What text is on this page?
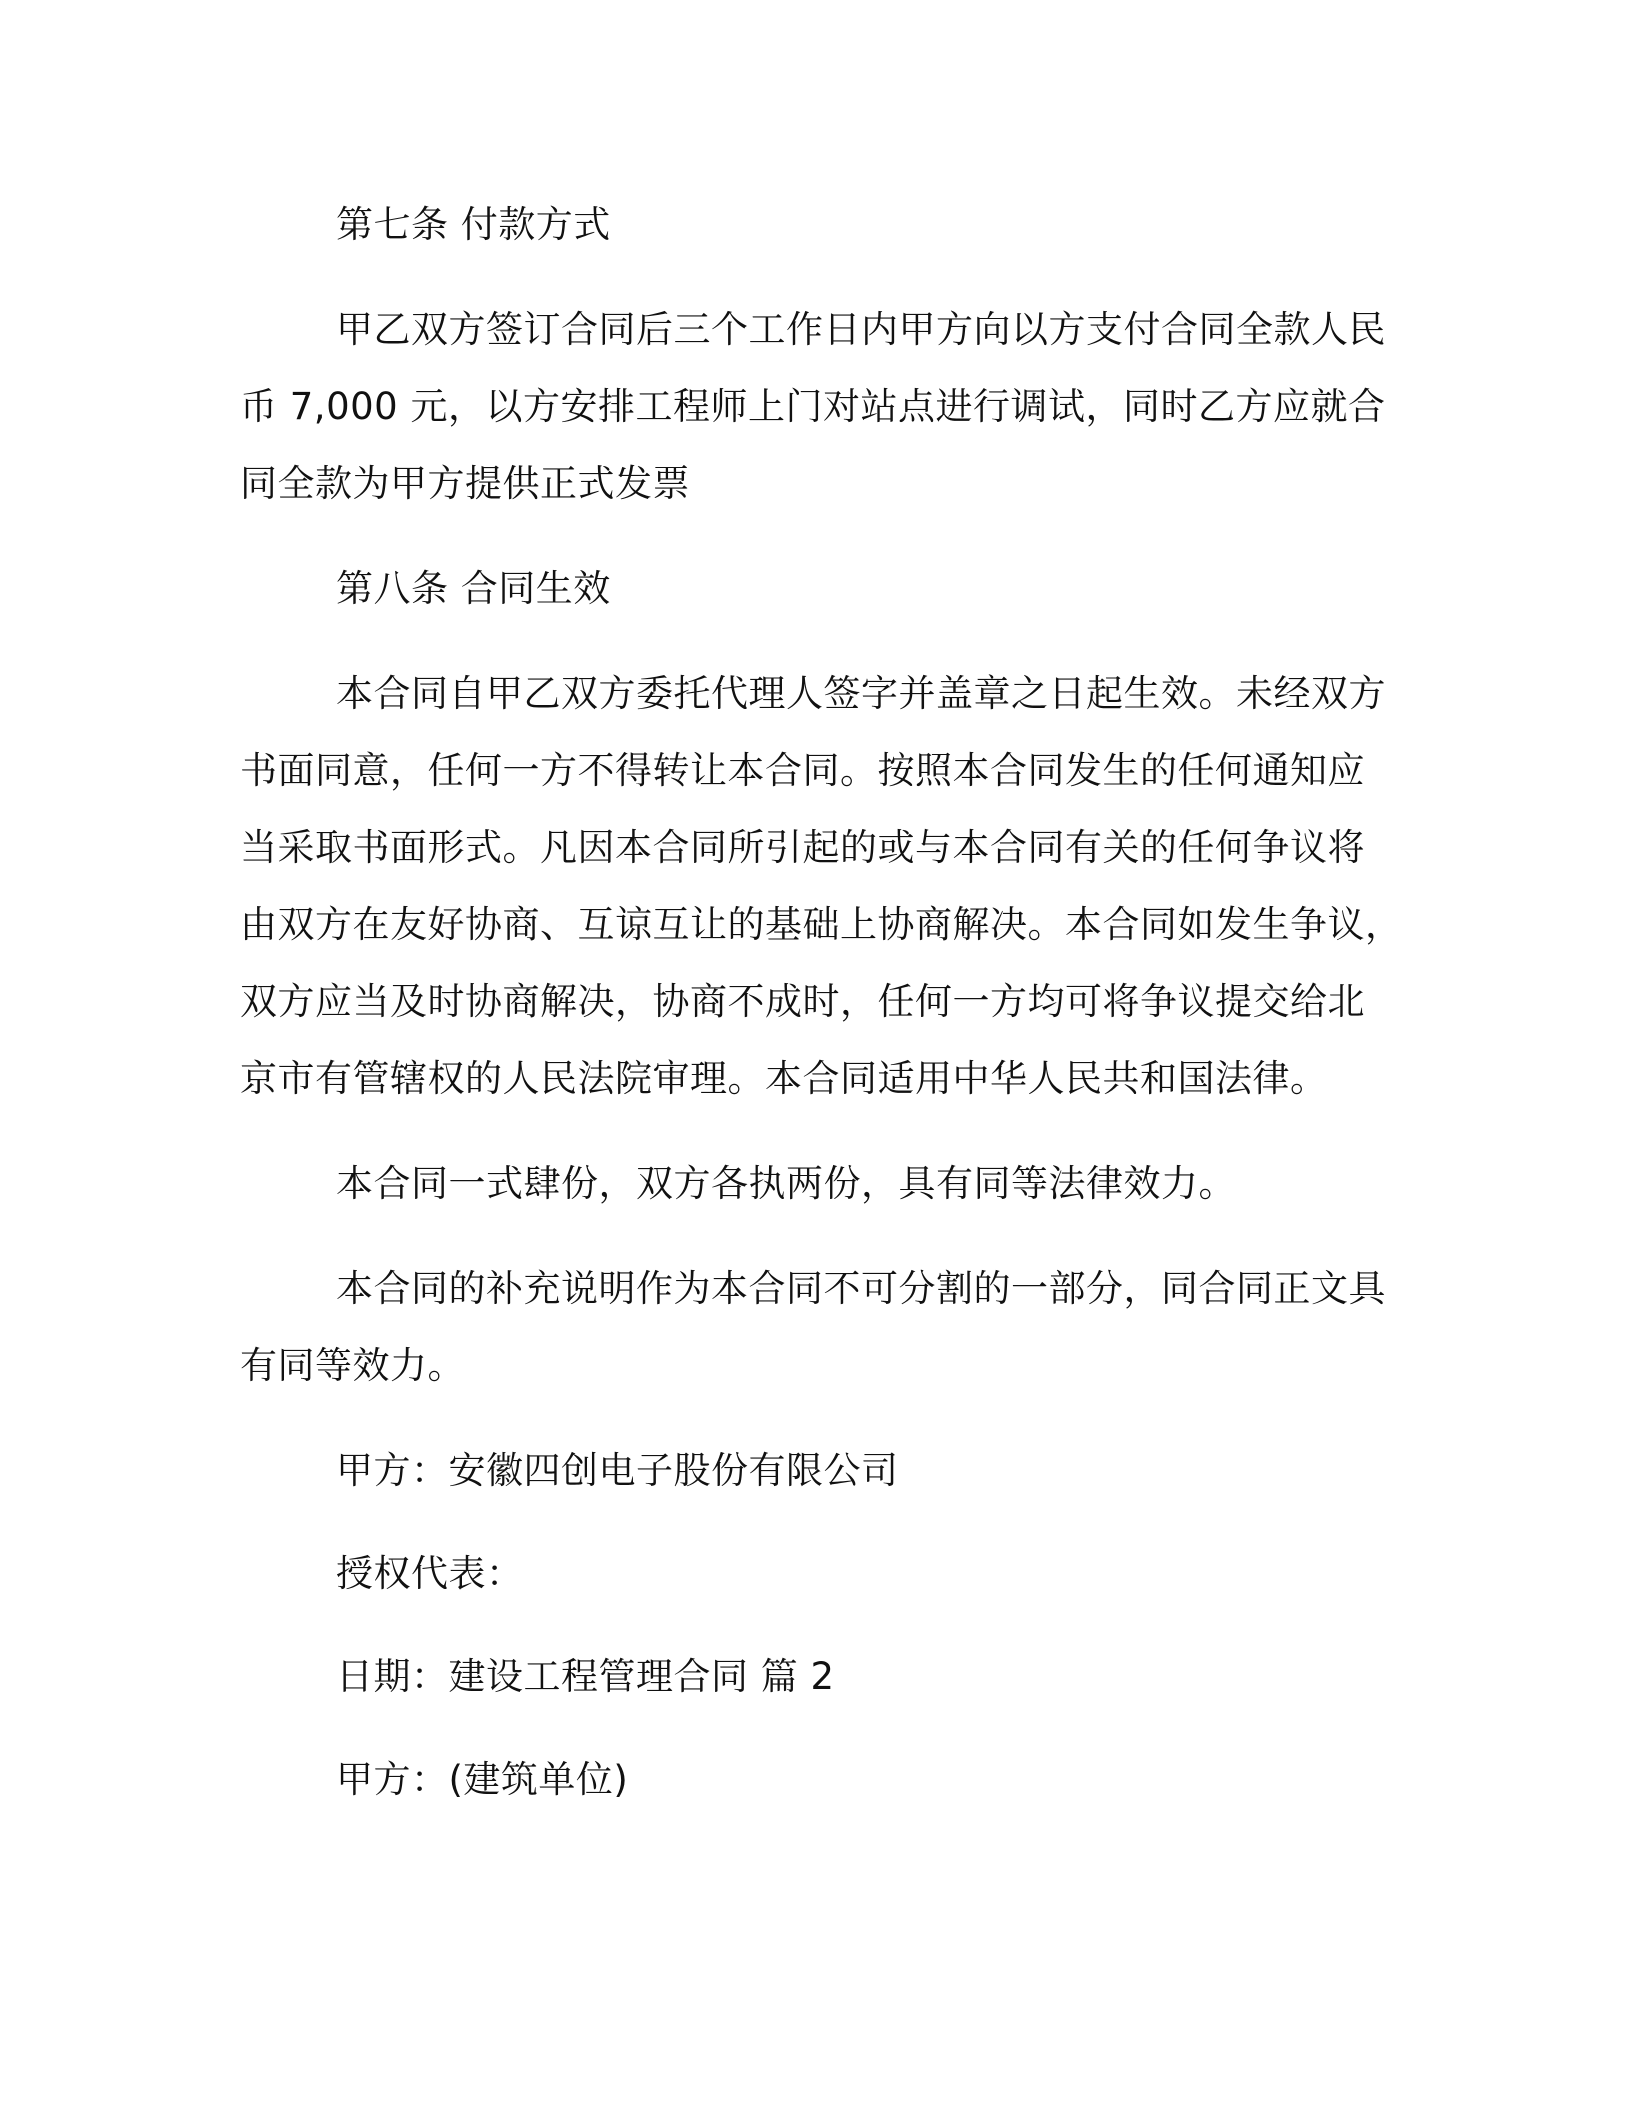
第七条 付款方式
甲乙双方签订合同后三个工作日内甲方向以方支付合同全款人民
币 7,000 元，以方安排工程师上门对站点进行调试，同时乙方应就合
同全款为甲方提供正式发票
第八条 合同生效
本合同自甲乙双方委托代理人签字并盖章之日起生效。未经双方
书面同意，任何一方不得转让本合同。按照本合同发生的任何通知应
当采取书面形式。凡因本合同所引起的或与本合同有关的任何争议将
由双方在友好协商、互谅互让的基础上协商解决。本合同如发生争议，
双方应当及时协商解决，协商不成时，任何一方均可将争议提交给北
京市有管辖权的人民法院审理。本合同适用中华人民共和国法律。
本合同一式肆份，双方各执两份，具有同等法律效力。
本合同的补充说明作为本合同不可分割的一部分，同合同正文具
有同等效力。
甲方：安徽四创电子股份有限公司
授权代表：
日期：建设工程管理合同 篇 2
甲方：(建筑单位)
